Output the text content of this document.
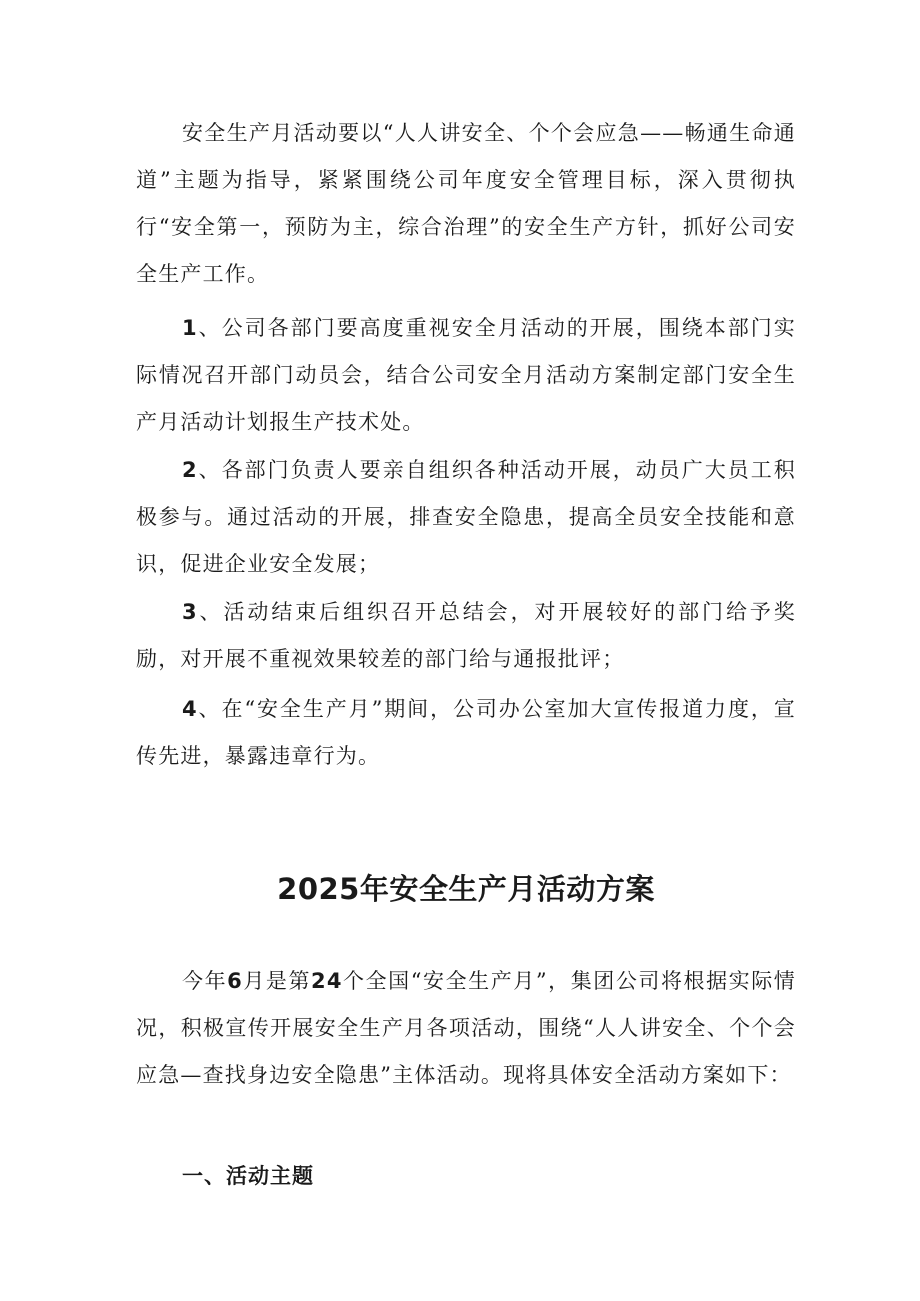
安全生产月活动要以“人人讲安全、个个会应急——畅通生命通道”主题为指导，紧紧围绕公司年度安全管理目标，深入贯彻执行“安全第一，预防为主，综合治理”的安全生产方针，抓好公司安全生产工作。

1、公司各部门要高度重视安全月活动的开展，围绕本部门实际情况召开部门动员会，结合公司安全月活动方案制定部门安全生产月活动计划报生产技术处。

2、各部门负责人要亲自组织各种活动开展，动员广大员工积极参与。通过活动的开展，排查安全隐患，提高全员安全技能和意识，促进企业安全发展；

3、活动结束后组织召开总结会，对开展较好的部门给予奖励，对开展不重视效果较差的部门给与通报批评；

4、在“安全生产月”期间，公司办公室加大宣传报道力度，宣传先进，暴露违章行为。

2025年安全生产月活动方案

今年6月是第24个全国“安全生产月”，集团公司将根据实际情况，积极宣传开展安全生产月各项活动，围绕“人人讲安全、个个会应急—查找身边安全隐患”主体活动。现将具体安全活动方案如下：

一、活动主题
